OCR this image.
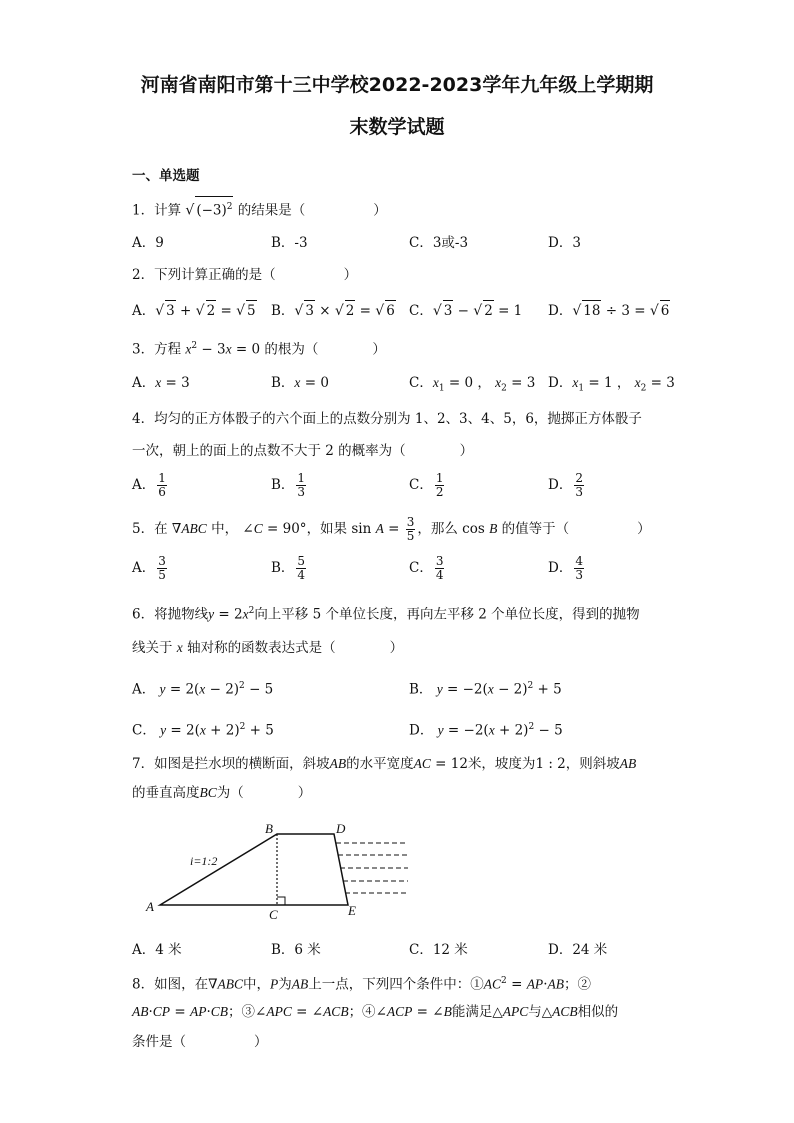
河南省南阳市第十三中学校2022-2023学年九年级上学期期
末数学试题
一、单选题
1．计算 √ $(-3)^2$ 的结果是（	）
A．9	B．-3	C．3或-3	D．3
2．下列计算正确的是（	）
A．√ 3 + √ 2 = √ 5 B．√ 3 × √ 2 = √ 6 C．√ 3 − √ 2 = 1 D．√ 18 ÷ 3 = √ 6
3．方程 $x^2 - 3x = 0$ 的根为（	）
A．x = 3	B．x = 0	C．$x_1 = 0$ ， $x_2 = 3$ D．$x_1 = 1$ ， $x_2 = 3$
4．均匀的正方体骰子的六个面上的点数分别为 1、2、3、4、5，6，抛掷正方体骰子
一次，朝上的面上的点数不大于 2 的概率为（	）
A． $\frac{1}{6}$	B． $\frac{1}{3}$	C． $\frac{1}{2}$	D． $\frac{2}{3}$
5．在 ∇ABC 中， ∠C = 90°，如果 $\sin A = \frac{3}{5}$ ，那么 cos B 的值等于（	）
A． $\frac{3}{5}$	B． $\frac{5}{4}$	C． $\frac{3}{4}$	D． $\frac{4}{3}$
6．将抛物线$y = 2x^2$向上平移 5 个单位长度，再向左平移 2 个单位长度，得到的抛物
线关于 x 轴对称的函数表达式是（	）
A． $y = 2(x - 2)^2 - 5$	B． $y = -2(x - 2)^2 + 5$
C． $y = 2(x + 2)^2 + 5$	D． $y = -2(x + 2)^2 - 5$
7．如图是拦水坝的横断面，斜坡AB的水平宽度AC = 12米，坡度为1 : 2，则斜坡AB
的垂直高度BC为（	）
A
B
C
D
E
i=1:2
A．4 米	B．6 米	C．12 米	D．24 米
8．如图，在∇ABC中，P为AB上一点，下列四个条件中：$①AC^2 = AP\cdot AB$；②
AB·CP = AP·CB；③∠APC = ∠ACB；④∠ACP = ∠B能满足△APC与△ACB相似的
条件是（	）
